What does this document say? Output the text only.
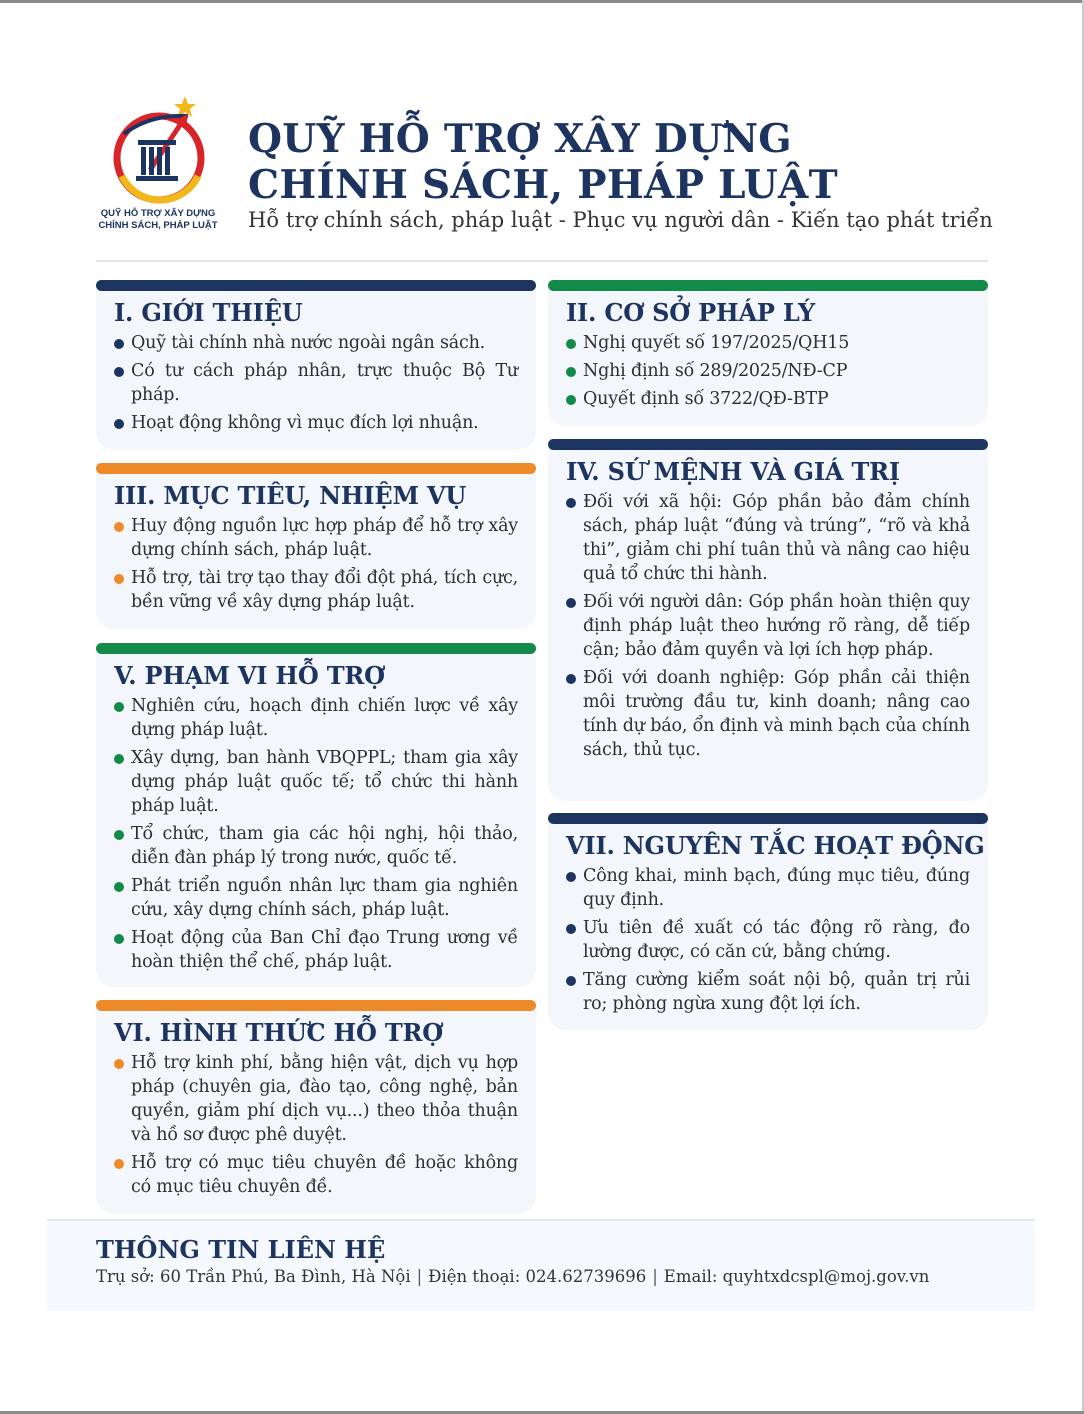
QUỸ HỖ TRỢ XÂY DỰNG
CHÍNH SÁCH, PHÁP LUẬT
QUỸ HỖ TRỢ XÂY DỰNG
CHÍNH SÁCH, PHÁP LUẬT
Hỗ trợ chính sách, pháp luật - Phục vụ người dân - Kiến tạo phát triển
I. GIỚI THIỆU
Quỹ tài chính nhà nước ngoài ngân sách.
Có tư cách pháp nhân, trực thuộc Bộ Tư pháp.
Hoạt động không vì mục đích lợi nhuận.
II. CƠ SỞ PHÁP LÝ
Nghị quyết số 197/2025/QH15
Nghị định số 289/2025/NĐ-CP
Quyết định số 3722/QĐ-BTP
III. MỤC TIÊU, NHIỆM VỤ
Huy động nguồn lực hợp pháp để hỗ trợ xây dựng chính sách, pháp luật.
Hỗ trợ, tài trợ tạo thay đổi đột phá, tích cực, bền vững về xây dựng pháp luật.
IV. SỨ MỆNH VÀ GIÁ TRỊ
Đối với xã hội: Góp phần bảo đảm chính sách, pháp luật “đúng và trúng”, “rõ và khả thi”, giảm chi phí tuân thủ và nâng cao hiệu quả tổ chức thi hành.
Đối với người dân: Góp phần hoàn thiện quy định pháp luật theo hướng rõ ràng, dễ tiếp cận; bảo đảm quyền và lợi ích hợp pháp.
Đối với doanh nghiệp: Góp phần cải thiện môi trường đầu tư, kinh doanh; nâng cao tính dự báo, ổn định và minh bạch của chính sách, thủ tục.
V. PHẠM VI HỖ TRỢ
Nghiên cứu, hoạch định chiến lược về xây dựng pháp luật.
Xây dựng, ban hành VBQPPL; tham gia xây dựng pháp luật quốc tế; tổ chức thi hành pháp luật.
Tổ chức, tham gia các hội nghị, hội thảo, diễn đàn pháp lý trong nước, quốc tế.
Phát triển nguồn nhân lực tham gia nghiên cứu, xây dựng chính sách, pháp luật.
Hoạt động của Ban Chỉ đạo Trung ương về hoàn thiện thể chế, pháp luật.
VII. NGUYÊN TẮC HOẠT ĐỘNG
Công khai, minh bạch, đúng mục tiêu, đúng quy định.
Ưu tiên đề xuất có tác động rõ ràng, đo lường được, có căn cứ, bằng chứng.
Tăng cường kiểm soát nội bộ, quản trị rủi ro; phòng ngừa xung đột lợi ích.
VI. HÌNH THỨC HỖ TRỢ
Hỗ trợ kinh phí, bằng hiện vật, dịch vụ hợp pháp (chuyên gia, đào tạo, công nghệ, bản quyền, giảm phí dịch vụ...) theo thỏa thuận và hồ sơ được phê duyệt.
Hỗ trợ có mục tiêu chuyên đề hoặc không có mục tiêu chuyên đề.
THÔNG TIN LIÊN HỆ
Trụ sở: 60 Trần Phú, Ba Đình, Hà Nội | Điện thoại: 024.62739696 | Email: quyhtxdcspl@moj.gov.vn
